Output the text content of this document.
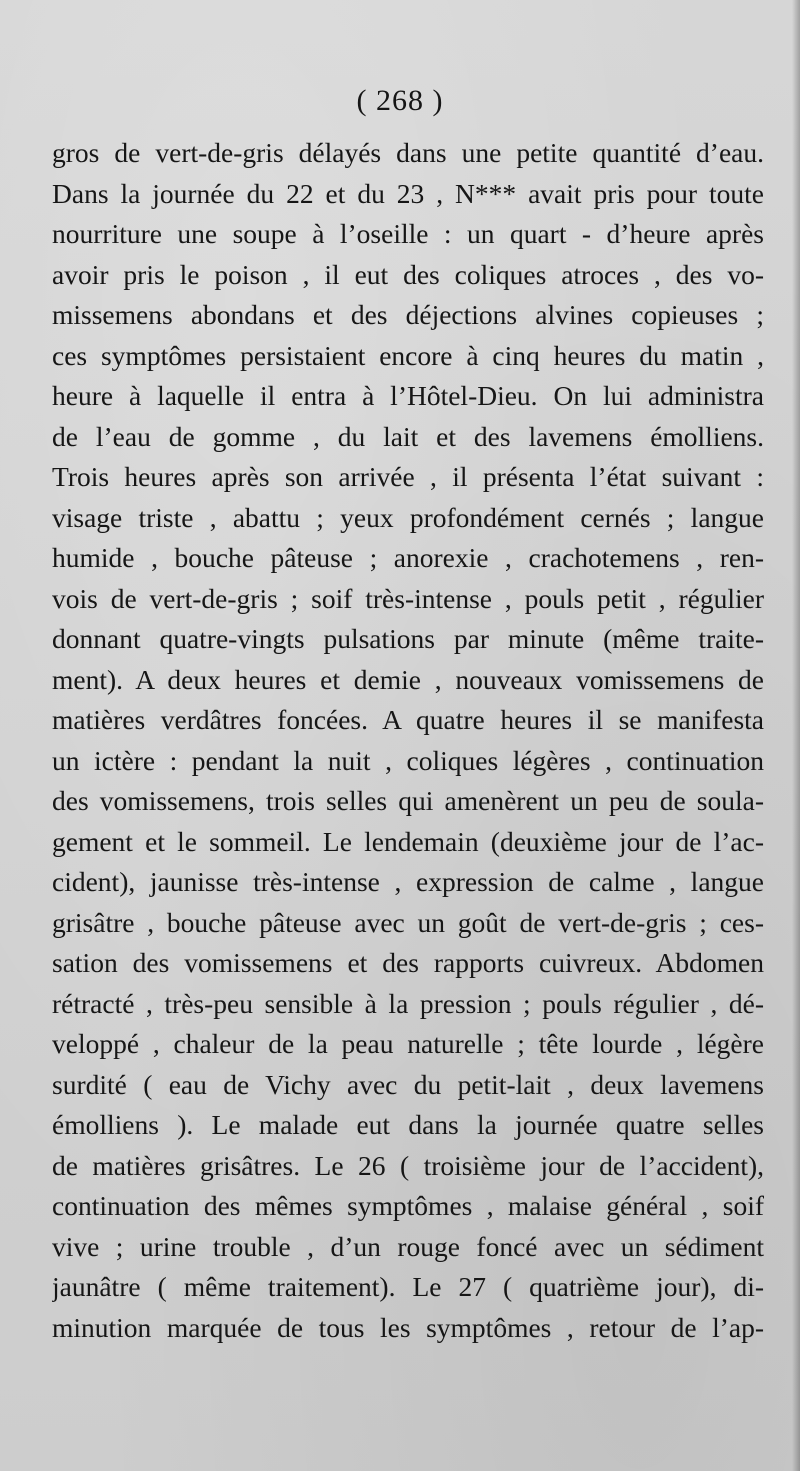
( 268 )
gros de vert-de-gris délayés dans une petite quantité d’eau.
Dans la journée du 22 et du 23 , N*** avait pris pour toute
nourriture une soupe à l’oseille : un quart - d’heure après
avoir pris le poison , il eut des coliques atroces , des vo-
missemens abondans et des déjections alvines copieuses ;
ces symptômes persistaient encore à cinq heures du matin ,
heure à laquelle il entra à l’Hôtel-Dieu. On lui administra
de l’eau de gomme , du lait et des lavemens émolliens.
Trois heures après son arrivée , il présenta l’état suivant :
visage triste , abattu ; yeux profondément cernés ; langue
humide , bouche pâteuse ; anorexie , crachotemens , ren-
vois de vert-de-gris ; soif très-intense , pouls petit , régulier
donnant quatre-vingts pulsations par minute (même traite-
ment). A deux heures et demie , nouveaux vomissemens de
matières verdâtres foncées. A quatre heures il se manifesta
un ictère : pendant la nuit , coliques légères , continuation
des vomissemens, trois selles qui amenèrent un peu de soula-
gement et le sommeil. Le lendemain (deuxième jour de l’ac-
cident), jaunisse très-intense , expression de calme , langue
grisâtre , bouche pâteuse avec un goût de vert-de-gris ; ces-
sation des vomissemens et des rapports cuivreux. Abdomen
rétracté , très-peu sensible à la pression ; pouls régulier , dé-
veloppé , chaleur de la peau naturelle ; tête lourde , légère
surdité ( eau de Vichy avec du petit-lait , deux lavemens
émolliens ). Le malade eut dans la journée quatre selles
de matières grisâtres. Le 26 ( troisième jour de l’accident),
continuation des mêmes symptômes , malaise général , soif
vive ; urine trouble , d’un rouge foncé avec un sédiment
jaunâtre ( même traitement). Le 27 ( quatrième jour), di-
minution marquée de tous les symptômes , retour de l’ap-
